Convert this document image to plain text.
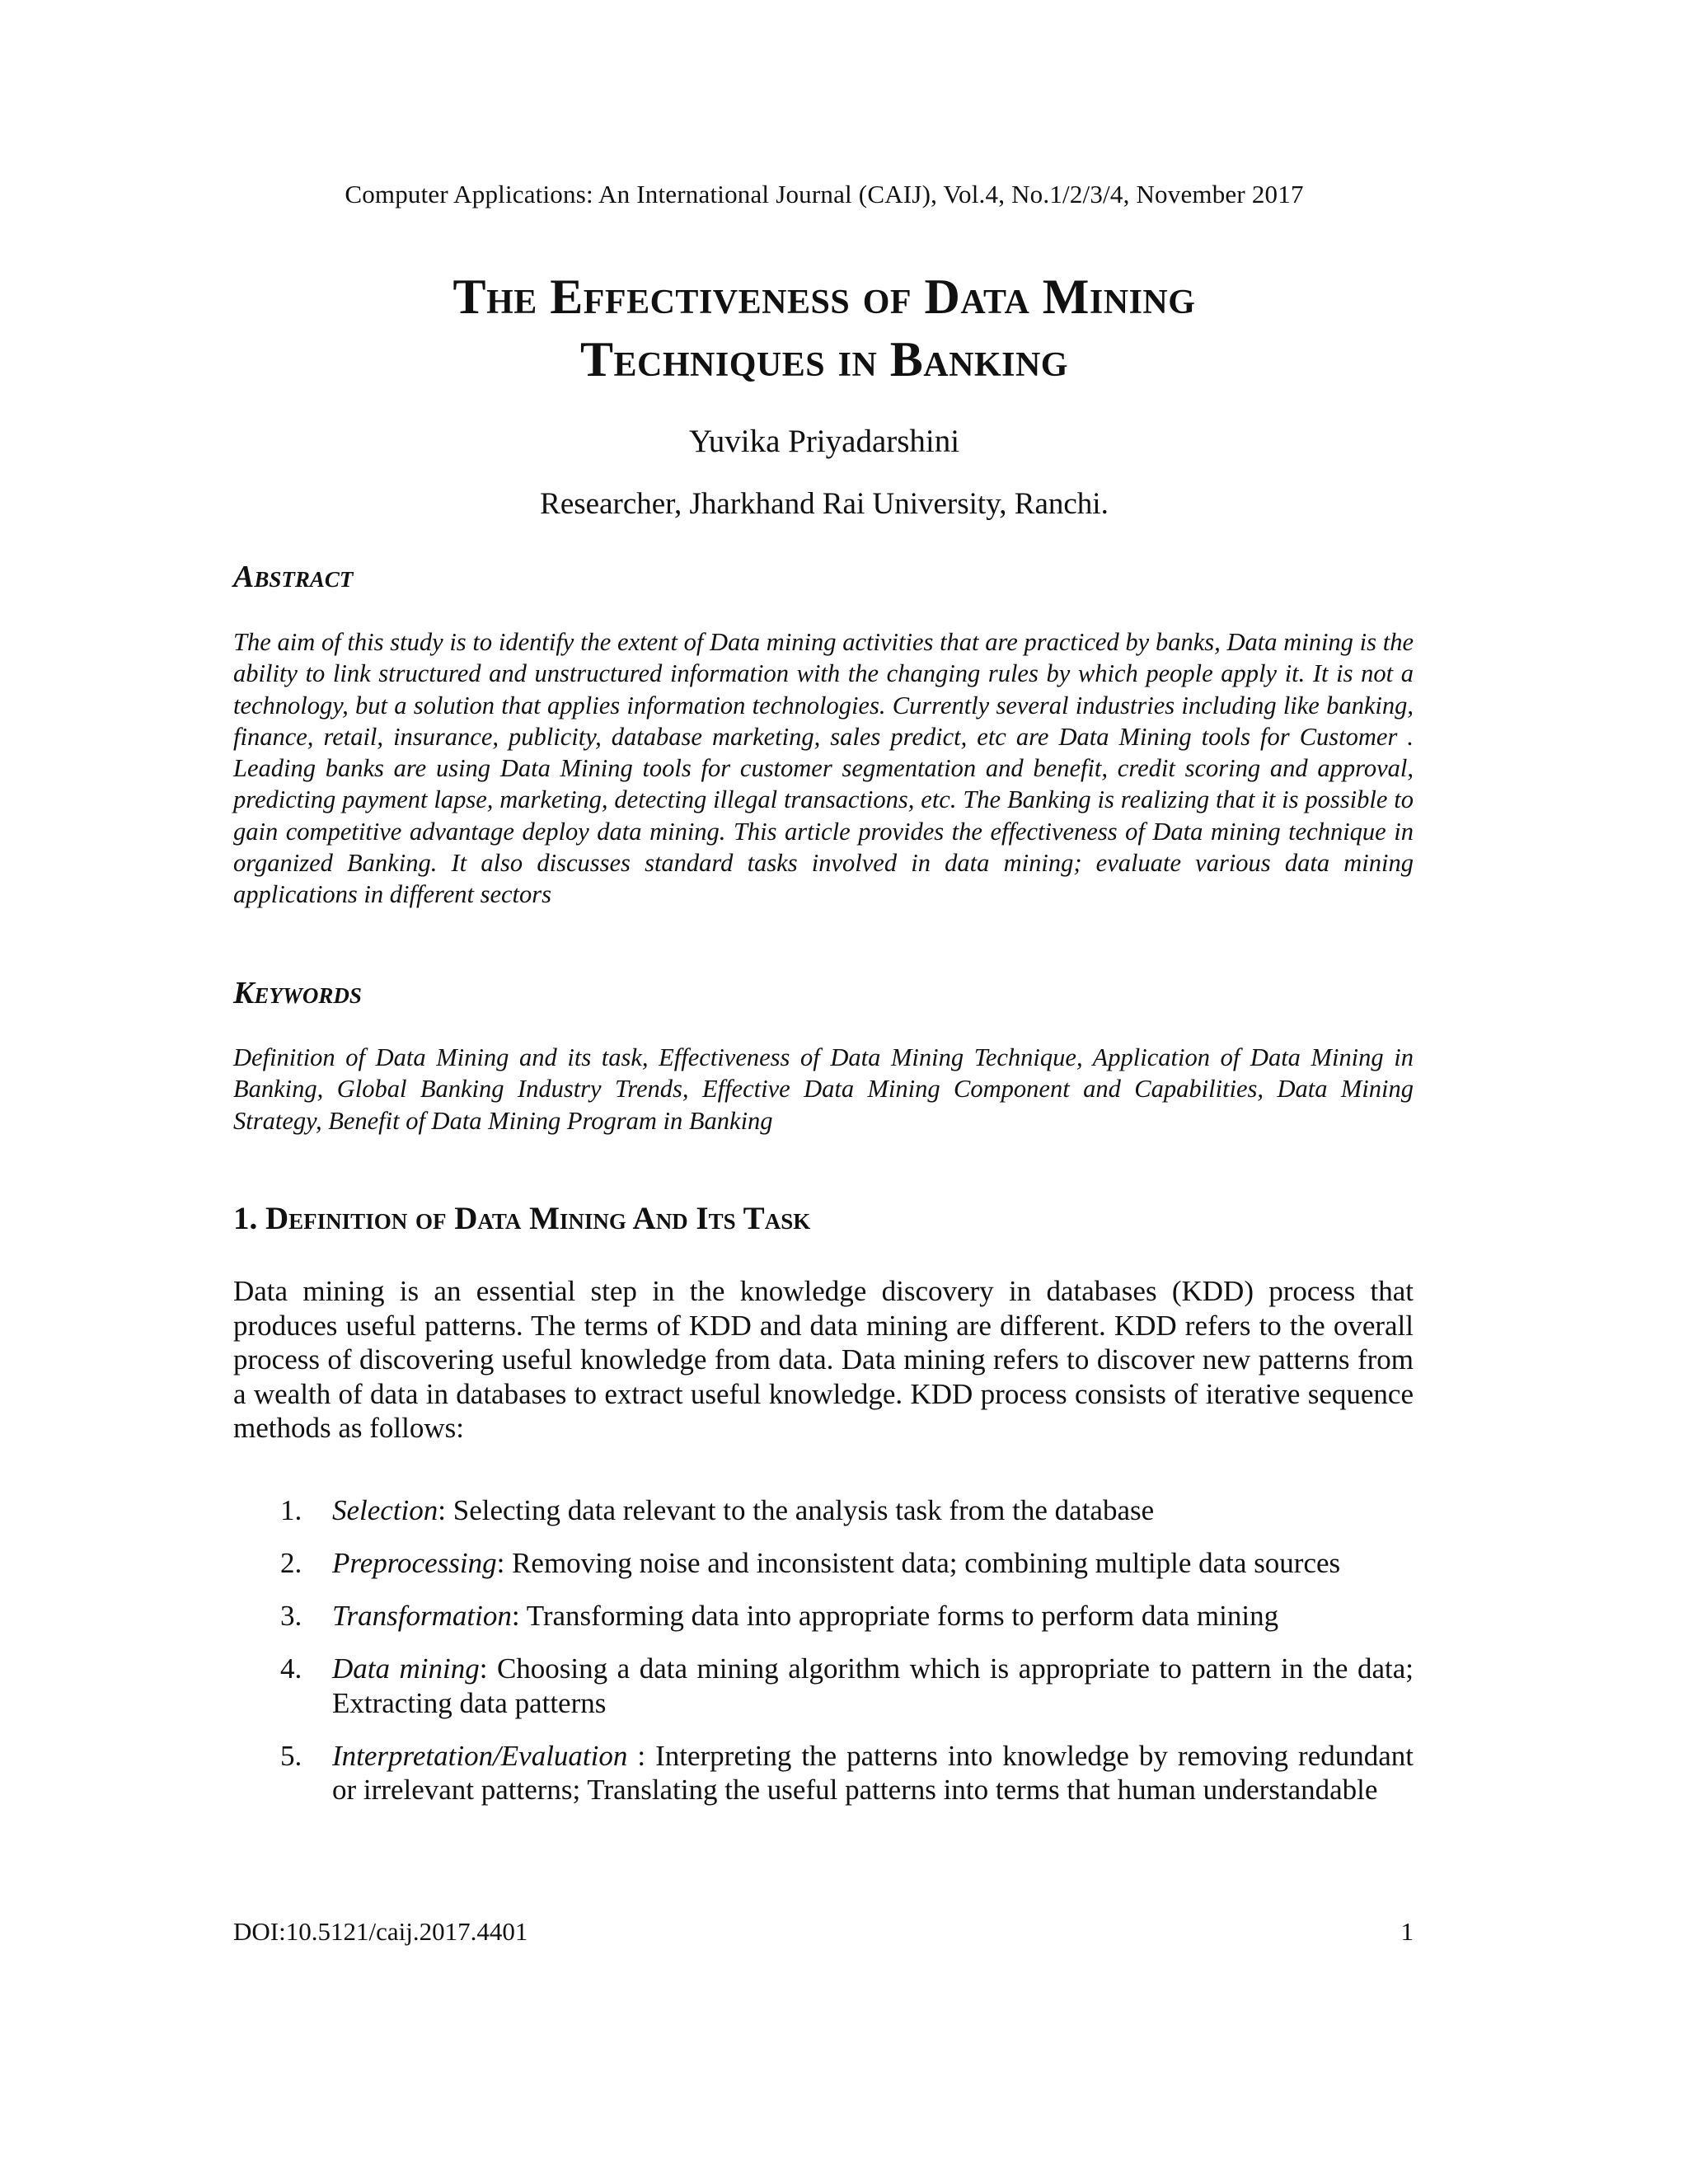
Computer Applications: An International Journal (CAIJ), Vol.4, No.1/2/3/4, November 2017
The Effectiveness of Data Mining
Techniques in Banking
Yuvika Priyadarshini
Researcher, Jharkhand Rai University, Ranchi.
Abstract
The aim of this study is to identify the extent of Data mining activities that are practiced by banks, Data mining is the ability to link structured and unstructured information with the changing rules by which people apply it. It is not a technology, but a solution that applies information technologies. Currently several industries including like banking, finance, retail, insurance, publicity, database marketing, sales predict, etc are Data Mining tools for Customer . Leading banks are using Data Mining tools for customer segmentation and benefit, credit scoring and approval, predicting payment lapse, marketing, detecting illegal transactions, etc. The Banking is realizing that it is possible to gain competitive advantage deploy data mining. This article provides the effectiveness of Data mining technique in organized Banking. It also discusses standard tasks involved in data mining; evaluate various data mining applications in different sectors
Keywords
Definition of Data Mining and its task, Effectiveness of Data Mining Technique, Application of Data Mining in Banking, Global Banking Industry Trends, Effective Data Mining Component and Capabilities, Data Mining Strategy, Benefit of Data Mining Program in Banking
1. Definition of Data Mining And Its Task
Data mining is an essential step in the knowledge discovery in databases (KDD) process that produces useful patterns. The terms of KDD and data mining are different. KDD refers to the overall process of discovering useful knowledge from data. Data mining refers to discover new patterns from a wealth of data in databases to extract useful knowledge. KDD process consists of iterative sequence methods as follows:
1. Selection: Selecting data relevant to the analysis task from the database
2. Preprocessing: Removing noise and inconsistent data; combining multiple data sources
3. Transformation: Transforming data into appropriate forms to perform data mining
4. Data mining: Choosing a data mining algorithm which is appropriate to pattern in the data; Extracting data patterns
5. Interpretation/Evaluation : Interpreting the patterns into knowledge by removing redundant or irrelevant patterns; Translating the useful patterns into terms that human understandable
DOI:10.5121/caij.2017.4401	1
